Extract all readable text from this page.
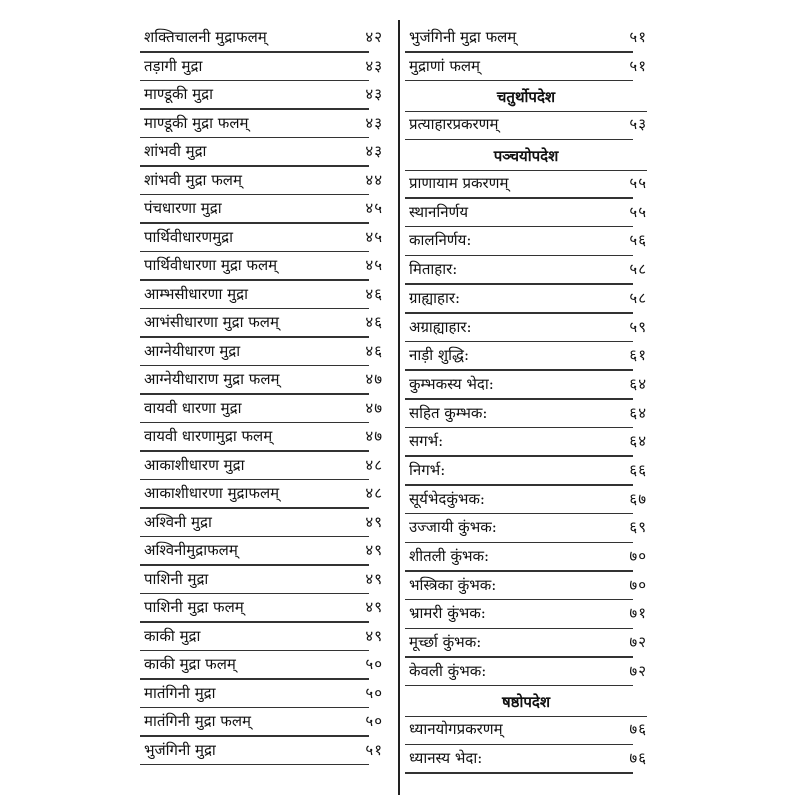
शक्तिचालनी मुद्राफलम्	४२
तड़ागी मुद्रा	४३
माण्डूकी मुद्रा	४३
माण्डूकी मुद्रा फलम्	४३
शांभवी मुद्रा	४३
शांभवी मुद्रा फलम्	४४
पंचधारणा मुद्रा	४५
पार्थिवीधारणमुद्रा	४५
पार्थिवीधारणा मुद्रा फलम्	४५
आम्भसीधारणा मुद्रा	४६
आभंसीधारणा मुद्रा फलम्	४६
आग्नेयीधारण मुद्रा	४६
आग्नेयीधाराण मुद्रा फलम्	४७
वायवी धारणा मुद्रा	४७
वायवी धारणामुद्रा फलम्	४७
आकाशीधारण मुद्रा	४८
आकाशीधारणा मुद्राफलम्	४८
अश्विनी मुद्रा	४९
अश्विनीमुद्राफलम्	४९
पाशिनी मुद्रा	४९
पाशिनी मुद्रा फलम्	४९
काकी मुद्रा	४९
काकी मुद्रा फलम्	५०
मातंगिनी मुद्रा	५०
मातंगिनी मुद्रा फलम्	५०
भुजंगिनी मुद्रा	५१
भुजंगिनी मुद्रा फलम्	५१
मुद्राणां फलम्	५१
चतुर्थोपदेश
प्रत्याहारप्रकरणम्	५३
पञ्चयोपदेश
प्राणायाम प्रकरणम्	५५
स्थाननिर्णय	५५
कालनिर्णय:	५६
मिताहार:	५८
ग्राह्याहार:	५८
अग्राह्याहार:	५९
नाड़ी शुद्धि:	६१
कुम्भकस्य भेदा:	६४
सहित कुम्भक:	६४
सगर्भ:	६४
निगर्भ:	६६
सूर्यभेदकुंभक:	६७
उज्जायी कुंभक:	६९
शीतली कुंभक:	७०
भस्त्रिका कुंभक:	७०
भ्रामरी कुंभक:	७१
मूर्च्छा कुंभक:	७२
केवली कुंभक:	७२
षष्ठोपदेश
ध्यानयोगप्रकरणम्	७६
ध्यानस्य भेदा:	७६
